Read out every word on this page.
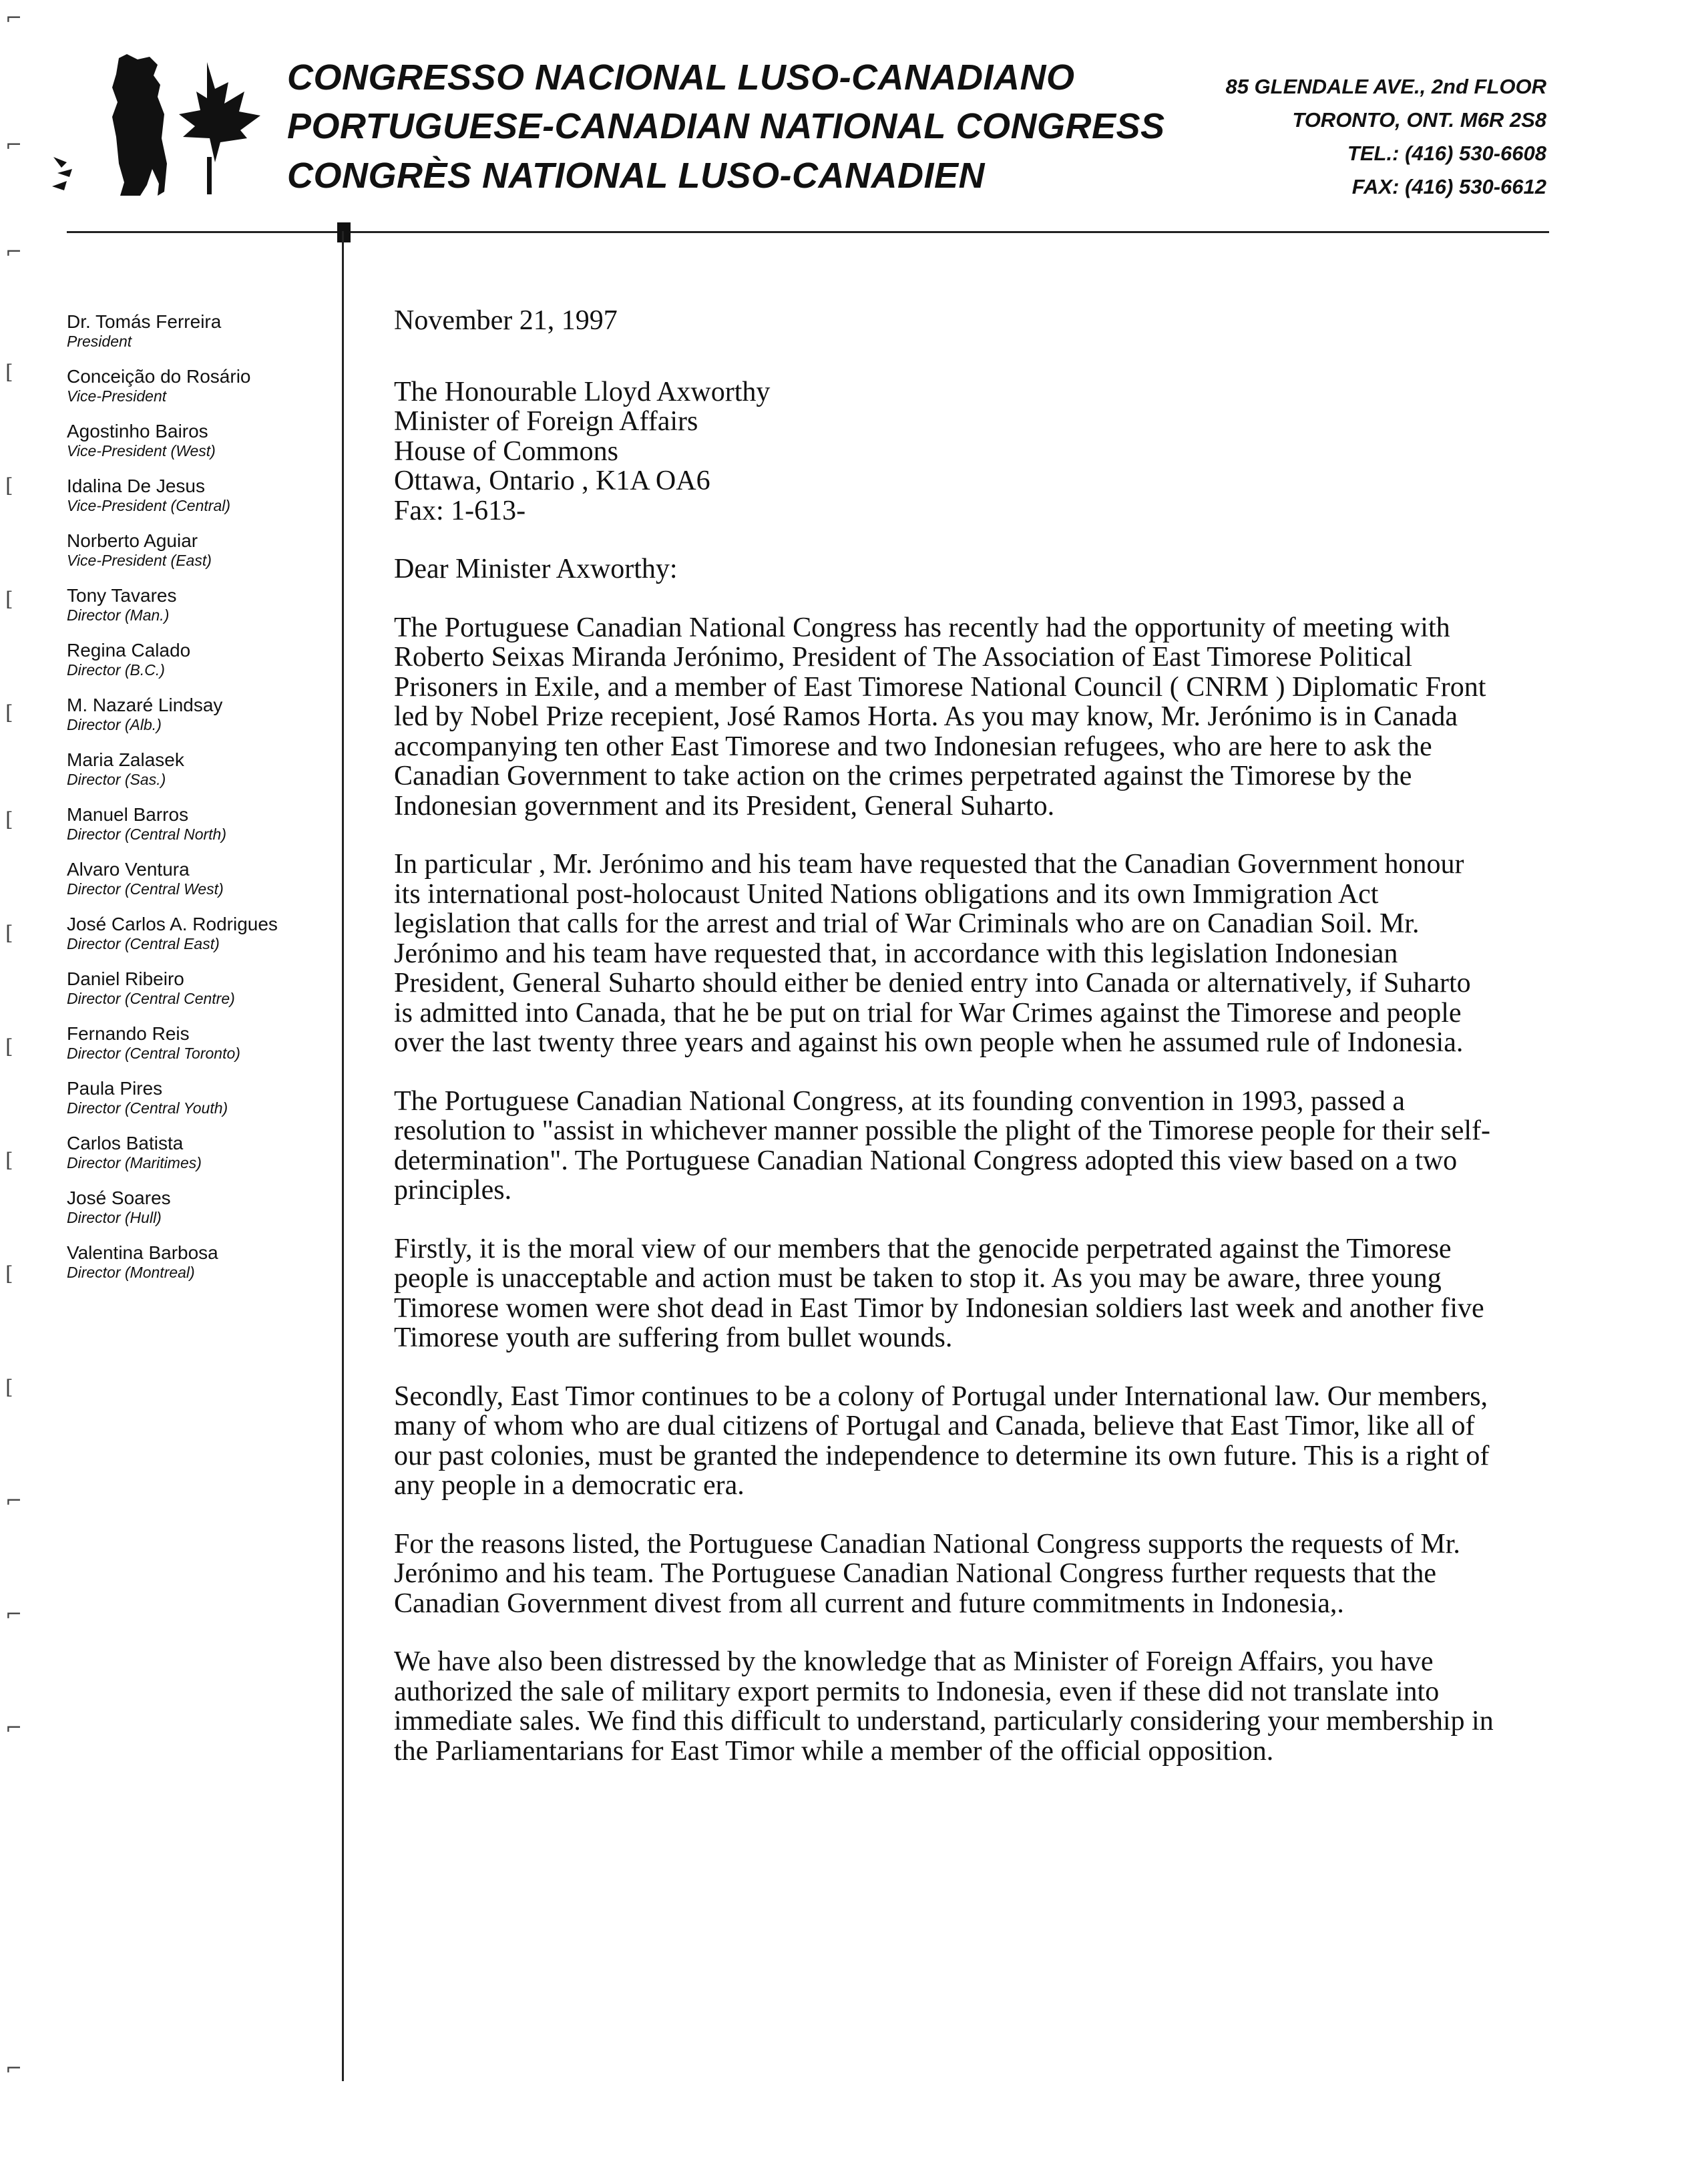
CONGRESSO NACIONAL LUSO-CANADIANO
PORTUGUESE-CANADIAN NATIONAL CONGRESS
CONGRÈS NATIONAL LUSO-CANADIEN
85 GLENDALE AVE., 2nd FLOOR
TORONTO, ONT. M6R 2S8
TEL.: (416) 530-6608
FAX: (416) 530-6612
⌐
⌐
⌐
[
[
[
[
[
[
[
[
[
[
⌐
⌐
⌐
⌐
Dr. Tomás Ferreira
President
Conceição do Rosário
Vice-President
Agostinho Bairos
Vice-President (West)
Idalina De Jesus
Vice-President (Central)
Norberto Aguiar
Vice-President (East)
Tony Tavares
Director (Man.)
Regina Calado
Director (B.C.)
M. Nazaré Lindsay
Director (Alb.)
Maria Zalasek
Director (Sas.)
Manuel Barros
Director (Central North)
Alvaro Ventura
Director (Central West)
José Carlos A. Rodrigues
Director (Central East)
Daniel Ribeiro
Director (Central Centre)
Fernando Reis
Director (Central Toronto)
Paula Pires
Director (Central Youth)
Carlos Batista
Director (Maritimes)
José Soares
Director (Hull)
Valentina Barbosa
Director (Montreal)

November 21, 1997

The Honourable Lloyd Axworthy
Minister of Foreign Affairs
House of Commons
Ottawa, Ontario , K1A OA6
Fax: 1-613-

Dear Minister Axworthy:

The Portuguese Canadian National Congress has recently had the opportunity of meeting with Roberto Seixas Miranda Jerónimo, President of The Association of East Timorese Political Prisoners in Exile, and a member of East Timorese National Council ( CNRM ) Diplomatic Front led by Nobel Prize recepient, José Ramos Horta. As you may know, Mr. Jerónimo is in Canada accompanying ten other East Timorese and two Indonesian refugees, who are here to ask the Canadian Government to take action on the crimes perpetrated against the Timorese by the Indonesian government and its President, General Suharto.

In particular , Mr. Jerónimo and his team have requested that the Canadian Government honour its international post-holocaust United Nations obligations and its own Immigration Act legislation that calls for the arrest and trial of War Criminals who are on Canadian Soil. Mr. Jerónimo and his team have requested that, in accordance with this legislation Indonesian President, General Suharto should either be denied entry into Canada or alternatively, if Suharto is admitted into Canada, that he be put on trial for War Crimes against the Timorese and people over the last twenty three years and against his own people when he assumed rule of Indonesia.

The Portuguese Canadian National Congress, at its founding convention in 1993, passed a resolution to "assist in whichever manner possible the plight of the Timorese people for their self-determination". The Portuguese Canadian National Congress adopted this view based on a two principles.

Firstly, it is the moral view of our members that the genocide perpetrated against the Timorese people is unacceptable and action must be taken to stop it. As you may be aware, three young Timorese women were shot dead in East Timor by Indonesian soldiers last week and another five Timorese youth are suffering from bullet wounds.

Secondly, East Timor continues to be a colony of Portugal under International law. Our members, many of whom who are dual citizens of Portugal and Canada, believe that East Timor, like all of our past colonies, must be granted the independence to determine its own future. This is a right of any people in a democratic era.

For the reasons listed, the Portuguese Canadian National Congress supports the requests of Mr. Jerónimo and his team. The Portuguese Canadian National Congress further requests that the Canadian Government divest from all current and future commitments in Indonesia,.

We have also been distressed by the knowledge that as Minister of Foreign Affairs, you have authorized the sale of military export permits to Indonesia, even if these did not translate into immediate sales. We find this difficult to understand, particularly considering your membership in the Parliamentarians for East Timor while a member of the official opposition.
